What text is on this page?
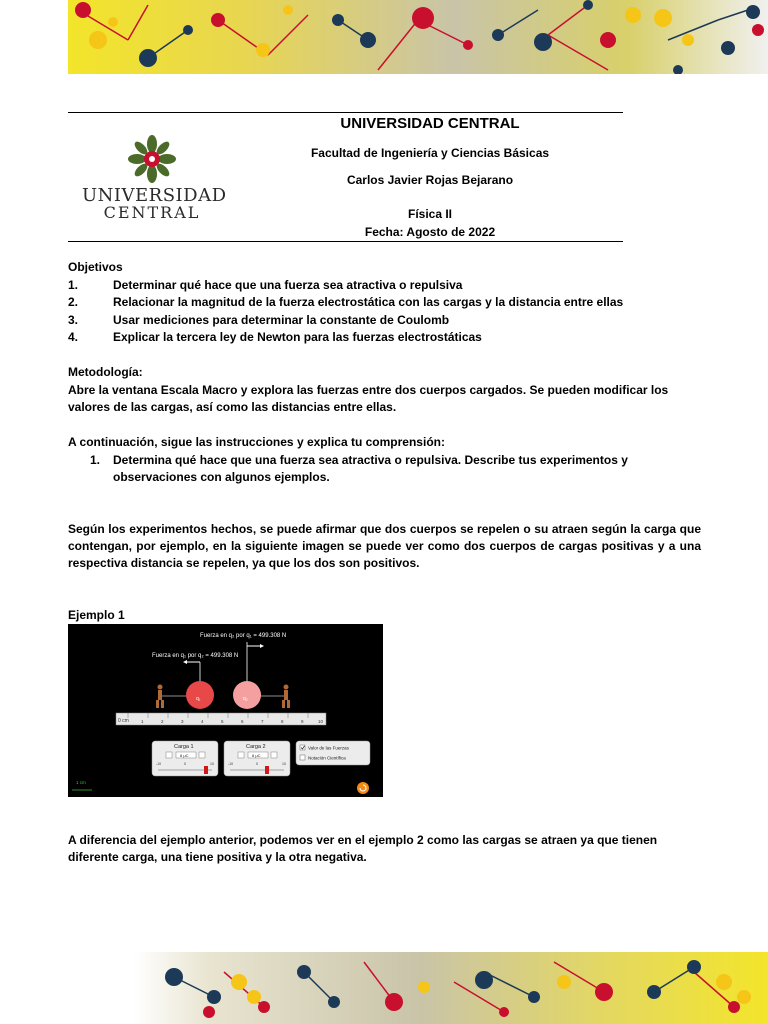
UNIVERSIDAD
CENTRAL
UNIVERSIDAD CENTRAL
Facultad de Ingeniería y Ciencias Básicas
Carlos Javier Rojas Bejarano
Física II
Fecha: Agosto de 2022
Objetivos
1.	Determinar qué hace que una fuerza sea atractiva o repulsiva
2.	Relacionar la magnitud de la fuerza electrostática con las cargas y la distancia entre ellas
3.	Usar mediciones para determinar la constante de Coulomb
4.	Explicar la tercera ley de Newton para las fuerzas electrostáticas
Metodología:
Abre la ventana Escala Macro y explora las fuerzas entre dos cuerpos cargados. Se pueden modificar los valores de las cargas, así como las distancias entre ellas.
A continuación, sigue las instrucciones y explica tu comprensión:
1. Determina qué hace que una fuerza sea atractiva o repulsiva. Describe tus experimentos y observaciones con algunos ejemplos.
Según los experimentos hechos, se puede afirmar que dos cuerpos se repelen o su atraen según la carga que contengan, por ejemplo, en la siguiente imagen se puede ver como dos cuerpos de cargas positivas y a una respectiva distancia se repelen, ya que los dos son positivos.
Ejemplo 1
Fuerza en q₂ por q₁ = 499.308 N
Fuerza en q₁ por q₂ = 499.308 N
q₁	q₂
0 cm	1	2	3	4	5	6	7	8	9	10
Carga 1
8 μC
-10	0	10
Carga 2
8 μC
-10	0	10
Valor de las Fuerzas
Notación Científica
1 cm
A diferencia del ejemplo anterior, podemos ver en el ejemplo 2 como las cargas se atraen ya que tienen diferente carga, una tiene positiva y la otra negativa.
